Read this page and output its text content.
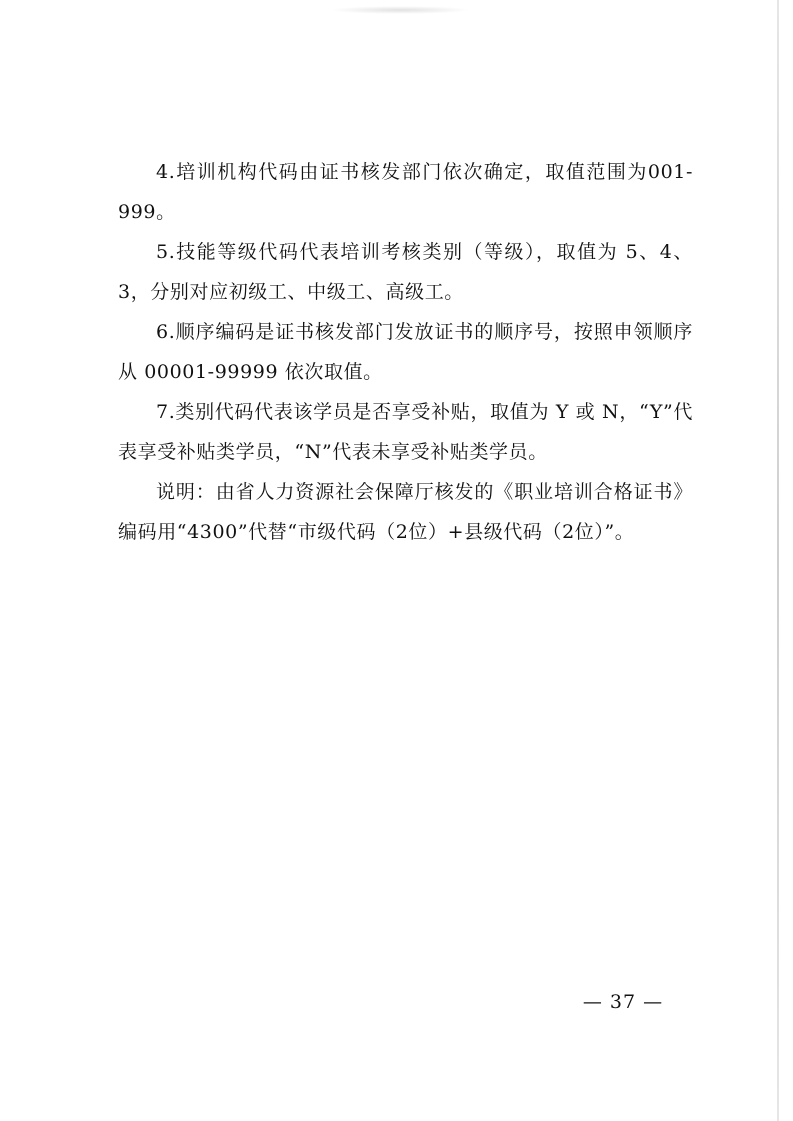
4.培训机构代码由证书核发部门依次确定，取值范围为001-999。

5.技能等级代码代表培训考核类别（等级），取值为 5、4、3，分别对应初级工、中级工、高级工。

6.顺序编码是证书核发部门发放证书的顺序号，按照申领顺序从 00001-99999 依次取值。

7.类别代码代表该学员是否享受补贴，取值为 Y 或 N，“Y”代表享受补贴类学员，“N”代表未享受补贴类学员。

说明：由省人力资源社会保障厅核发的《职业培训合格证书》编码用“4300”代替“市级代码（2位）+县级代码（2位）”。

— 37 —
